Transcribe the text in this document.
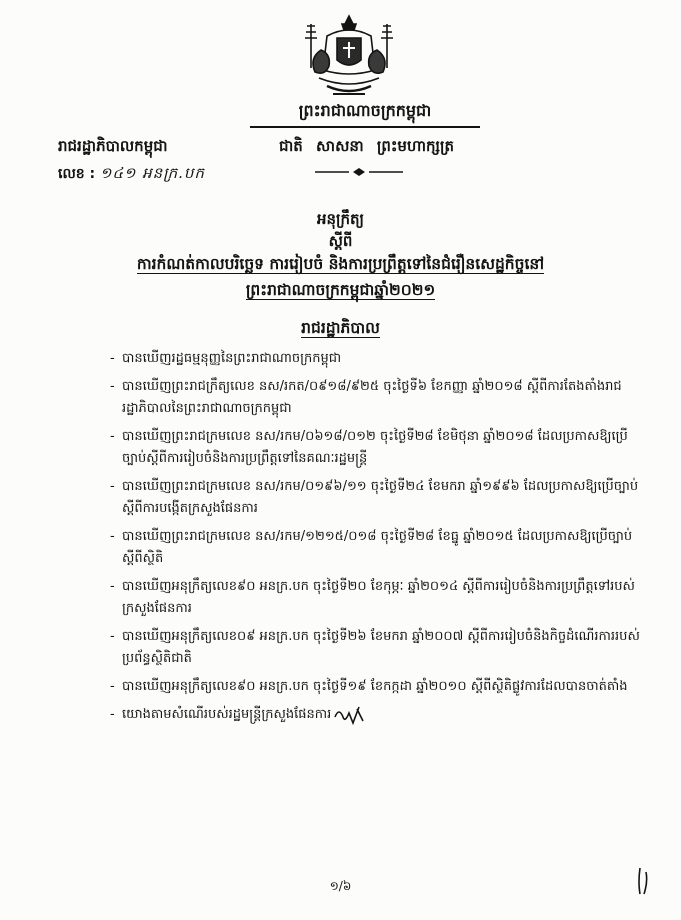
ព្រះរាជាណាចក្រកម្ពុជា
រាជរដ្ឋាភិបាលកម្ពុជា	ជាតិ សាសនា ព្រះមហាក្សត្រ
លេខ : ១៤១ អនក្រ.បក
អនុក្រឹត្យ
ស្តីពី
ការកំណត់កាលបរិច្ឆេទ ការរៀបចំ និងការប្រព្រឹត្តទៅនៃជំរឿនសេដ្ឋកិច្ចនៅ
ព្រះរាជាណាចក្រកម្ពុជាឆ្នាំ២០២១
រាជរដ្ឋាភិបាល
- បានឃើញរដ្ឋធម្មនុញ្ញនៃព្រះរាជាណាចក្រកម្ពុជា
- បានឃើញព្រះរាជក្រឹត្យលេខ នស/រកត/០៩១៨/៩២៥ ចុះថ្ងៃទី៦ ខែកញ្ញា ឆ្នាំ២០១៨ ស្តីពីការតែងតាំងរាជរដ្ឋាភិបាលនៃព្រះរាជាណាចក្រកម្ពុជា
- បានឃើញព្រះរាជក្រមលេខ នស/រកម/០៦១៨/០១២ ចុះថ្ងៃទី២៨ ខែមិថុនា ឆ្នាំ២០១៨ ដែលប្រកាសឱ្យប្រើច្បាប់ស្តីពីការរៀបចំនិងការប្រព្រឹត្តទៅនៃគណៈរដ្ឋមន្ត្រី
- បានឃើញព្រះរាជក្រមលេខ នស/រកម/០១៩៦/១១ ចុះថ្ងៃទី២៤ ខែមករា ឆ្នាំ១៩៩៦ ដែលប្រកាសឱ្យប្រើច្បាប់ស្តីពីការបង្កើតក្រសួងផែនការ
- បានឃើញព្រះរាជក្រមលេខ នស/រកម/១២១៥/០១៨ ចុះថ្ងៃទី២៨ ខែធ្នូ ឆ្នាំ២០១៥ ដែលប្រកាសឱ្យប្រើច្បាប់ស្តីពីស្ថិតិ
- បានឃើញអនុក្រឹត្យលេខ៩០ អនក្រ.បក ចុះថ្ងៃទី២០ ខែកុម្ភៈ ឆ្នាំ២០១៤ ស្តីពីការរៀបចំនិងការប្រព្រឹត្តទៅរបស់ក្រសួងផែនការ
- បានឃើញអនុក្រឹត្យលេខ០៩ អនក្រ.បក ចុះថ្ងៃទី២៦ ខែមករា ឆ្នាំ២០០៧ ស្តីពីការរៀបចំនិងកិច្ចដំណើរការរបស់ប្រព័ន្ធស្ថិតិជាតិ
- បានឃើញអនុក្រឹត្យលេខ៩០ អនក្រ.បក ចុះថ្ងៃទី១៩ ខែកក្កដា ឆ្នាំ២០១០ ស្តីពីស្ថិតិផ្លូវការដែលបានចាត់តាំង
- យោងតាមសំណើរបស់រដ្ឋមន្ត្រីក្រសួងផែនការ
១/៦
